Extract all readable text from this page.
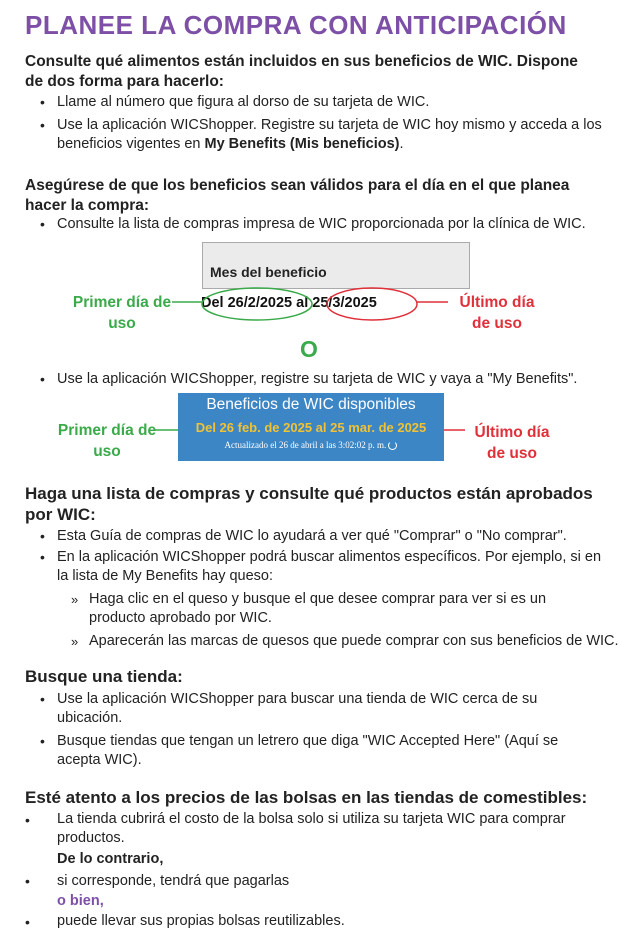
PLANEE LA COMPRA CON ANTICIPACIÓN
Consulte qué alimentos están incluidos en sus beneficios de WIC. Dispone de dos forma para hacerlo:
• Llame al número que figura al dorso de su tarjeta de WIC.
• Use la aplicación WICShopper. Registre su tarjeta de WIC hoy mismo y acceda a los beneficios vigentes en My Benefits (Mis beneficios).
Asegúrese de que los beneficios sean válidos para el día en el que planea hacer la compra:
• Consulte la lista de compras impresa de WIC proporcionada por la clínica de WIC.
Mes del beneficio
Del 26/2/2025 al 25/3/2025
Primer día de uso
Último día de uso
O
• Use la aplicación WICShopper, registre su tarjeta de WIC y vaya a "My Benefits".
Beneficios de WIC disponibles
Del 26 feb. de 2025 al 25 mar. de 2025
Actualizado el 26 de abril a las 3:02:02 p. m.
Primer día de uso
Último día de uso
Haga una lista de compras y consulte qué productos están aprobados por WIC:
• Esta Guía de compras de WIC lo ayudará a ver qué "Comprar" o "No comprar".
• En la aplicación WICShopper podrá buscar alimentos específicos. Por ejemplo, si en la lista de My Benefits hay queso:
» Haga clic en el queso y busque el que desee comprar para ver si es un producto aprobado por WIC.
» Aparecerán las marcas de quesos que puede comprar con sus beneficios de WIC.
Busque una tienda:
• Use la aplicación WICShopper para buscar una tienda de WIC cerca de su ubicación.
• Busque tiendas que tengan un letrero que diga "WIC Accepted Here" (Aquí se acepta WIC).
Esté atento a los precios de las bolsas en las tiendas de comestibles:
• La tienda cubrirá el costo de la bolsa solo si utiliza su tarjeta WIC para comprar productos.
De lo contrario,
• si corresponde, tendrá que pagarlas
o bien,
• puede llevar sus propias bolsas reutilizables.
